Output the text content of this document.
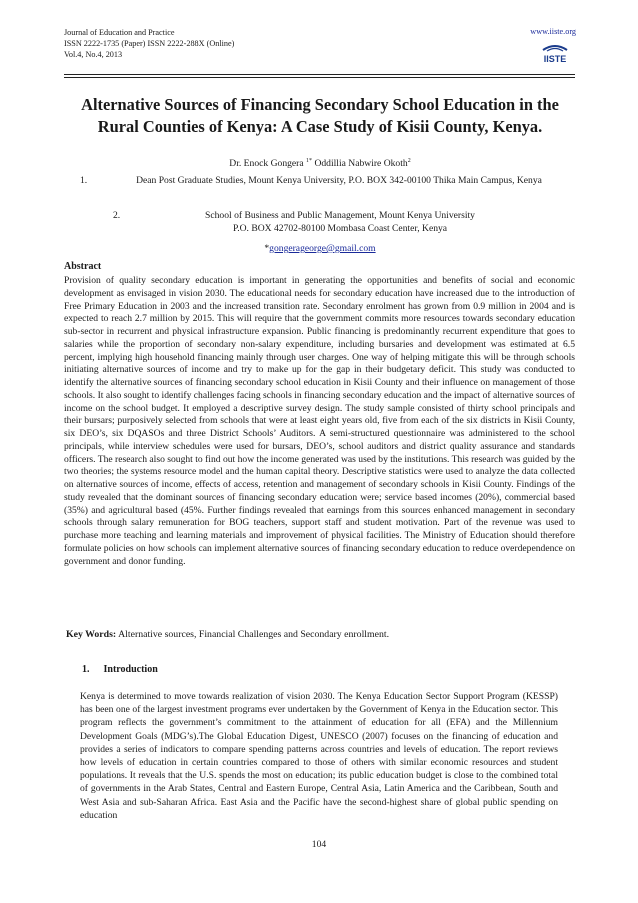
Journal of Education and Practice
ISSN 2222-1735 (Paper) ISSN 2222-288X (Online)
Vol.4, No.4, 2013
www.iiste.org
IISTE
Alternative Sources of Financing Secondary School Education in the Rural Counties of Kenya: A Case Study of Kisii County, Kenya.
Dr. Enock Gongera $^{1*}$ Oddillia Nabwire Okoth$^2$
1.	Dean Post Graduate Studies, Mount Kenya University, P.O. BOX 342-00100 Thika Main Campus, Kenya
2.	School of Business and Public Management, Mount Kenya University
P.O. BOX 42702-80100 Mombasa Coast Center, Kenya
*gongerageorge@gmail.com
Abstract
Provision of quality secondary education is important in generating the opportunities and benefits of social and economic development as envisaged in vision 2030. The educational needs for secondary education have increased due to the introduction of Free Primary Education in 2003 and the increased transition rate. Secondary enrolment has grown from 0.9 million in 2004 and is expected to reach 2.7 million by 2015. This will require that the government commits more resources towards secondary education sub-sector in recurrent and physical infrastructure expansion. Public financing is predominantly recurrent expenditure that goes to salaries while the proportion of secondary non-salary expenditure, including bursaries and development was estimated at 6.5 percent, implying high household financing mainly through user charges. One way of helping mitigate this will be through schools initiating alternative sources of income and try to make up for the gap in their budgetary deficit. This study was conducted to identify the alternative sources of financing secondary school education in Kisii County and their influence on management of those schools. It also sought to identify challenges facing schools in financing secondary education and the impact of alternative sources of income on the school budget. It employed a descriptive survey design. The study sample consisted of thirty school principals and their bursars; purposively selected from schools that were at least eight years old, five from each of the six districts in Kisii County, six DEO’s, six DQASOs and three District Schools’ Auditors. A semi-structured questionnaire was administered to the school principals, while interview schedules were used for bursars, DEO’s, school auditors and district quality assurance and standards officers. The research also sought to find out how the income generated was used by the institutions. This research was guided by the two theories; the systems resource model and the human capital theory. Descriptive statistics were used to analyze the data collected on alternative sources of income, effects of access, retention and management of secondary schools in Kisii County. Findings of the study revealed that the dominant sources of financing secondary education were; service based incomes (20%), commercial based (35%) and agricultural based (45%. Further findings revealed that earnings from this sources enhanced management in secondary schools through salary remuneration for BOG teachers, support staff and student motivation. Part of the revenue was used to purchase more teaching and learning materials and improvement of physical facilities. The Ministry of Education should therefore formulate policies on how schools can implement alternative sources of financing secondary education to reduce overdependence on government and donor funding.
Key Words: Alternative sources, Financial Challenges and Secondary enrollment.
1. Introduction
Kenya is determined to move towards realization of vision 2030. The Kenya Education Sector Support Program (KESSP) has been one of the largest investment programs ever undertaken by the Government of Kenya in the Education sector. This program reflects the government’s commitment to the attainment of education for all (EFA) and the Millennium Development Goals (MDG’s).The Global Education Digest, UNESCO (2007) focuses on the financing of education and provides a series of indicators to compare spending patterns across countries and levels of education. The report reviews how levels of education in certain countries compared to those of others with similar economic resources and student populations. It reveals that the U.S. spends the most on education; its public education budget is close to the combined total of governments in the Arab States, Central and Eastern Europe, Central Asia, Latin America and the Caribbean, South and West Asia and sub-Saharan Africa. East Asia and the Pacific have the second-highest share of global public spending on education
104
